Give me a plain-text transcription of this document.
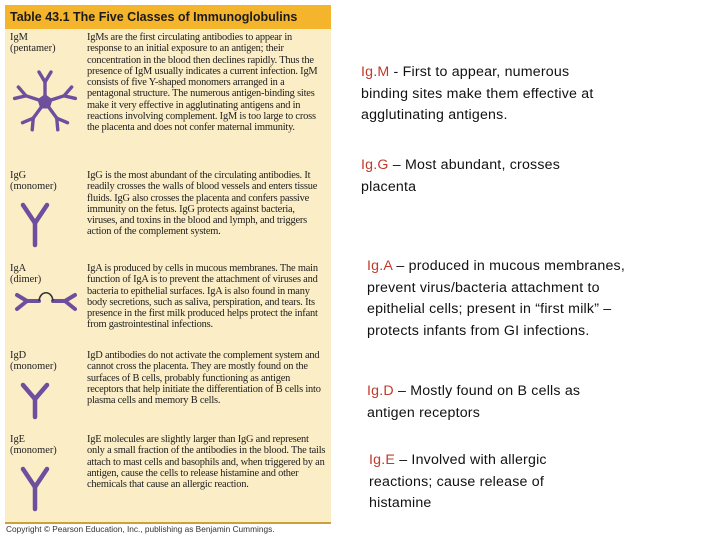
Table 43.1 The Five Classes of Immunoglobulins
IgM
(pentamer)

IgMs are the first circulating antibodies to appear in response to an initial exposure to an antigen; their concentration in the blood then declines rapidly. Thus the presence of IgM usually indicates a current infection. IgM consists of five Y-shaped monomers arranged in a pentagonal structure. The numerous antigen-binding sites make it very effective in agglutinating antigens and in reactions involving complement. IgM is too large to cross the placenta and does not confer maternal immunity.

IgG
(monomer)

IgG is the most abundant of the circulating antibodies. It readily crosses the walls of blood vessels and enters tissue fluids. IgG also crosses the placenta and confers passive immunity on the fetus. IgG protects against bacteria, viruses, and toxins in the blood and lymph, and triggers action of the complement system.

IgA
(dimer)

IgA is produced by cells in mucous membranes. The main function of IgA is to prevent the attachment of viruses and bacteria to epithelial surfaces. IgA is also found in many body secretions, such as saliva, perspiration, and tears. Its presence in the first milk produced helps protect the infant from gastrointestinal infections.

IgD
(monomer)

IgD antibodies do not activate the complement system and cannot cross the placenta. They are mostly found on the surfaces of B cells, probably functioning as antigen receptors that help initiate the differentiation of B cells into plasma cells and memory B cells.

IgE
(monomer)

IgE molecules are slightly larger than IgG and represent only a small fraction of the antibodies in the blood. The tails attach to mast cells and basophils and, when triggered by an antigen, cause the cells to release histamine and other chemicals that cause an allergic reaction.

Copyright © Pearson Education, Inc., publishing as Benjamin Cummings.
Ig.M - First to appear, numerous binding sites make them effective at agglutinating antigens.
Ig.G – Most abundant, crosses placenta
Ig.A – produced in mucous membranes, prevent virus/bacteria attachment to epithelial cells; present in “first milk” – protects infants from GI infections.
Ig.D – Mostly found on B cells as antigen receptors
Ig.E – Involved with allergic reactions; cause release of histamine
